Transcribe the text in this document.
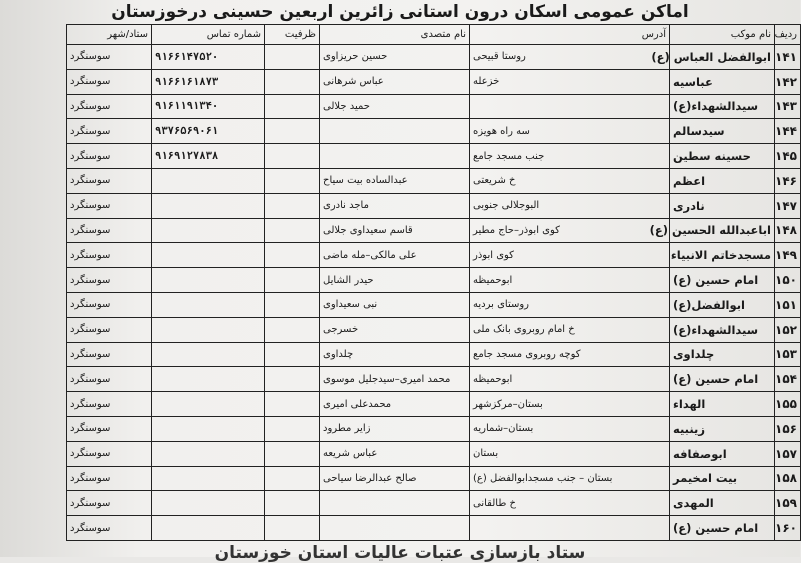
اماکن عمومی اسکان درون استانی زائرین اربعین حسینی درخوزستان
ردیف	نام موکب	آدرس	نام متصدی	ظرفیت	شماره تماس	ستاد/شهر
۱۴۱	ابوالفضل العباس (ع)	روستا قبیحی	حسین حریزاوی		۹۱۶۶۱۴۷۵۲۰	سوسنگرد
۱۴۲	عباسیه	خزعله	عباس شرهانی		۹۱۶۶۱۶۱۸۷۳	سوسنگرد
۱۴۳	سیدالشهداء(ع)		حمید جلالی		۹۱۶۱۱۹۱۳۴۰	سوسنگرد
۱۴۴	سیدسالم	سه راه هویزه			۹۳۷۶۵۶۹۰۶۱	سوسنگرد
۱۴۵	حسینه سطین	جنب مسجد جامع			۹۱۶۹۱۲۷۸۳۸	سوسنگرد
۱۴۶	اعظم	خ شریعتی	عبدالساده بیت سیاح			سوسنگرد
۱۴۷	نادری	البوجلالی جنوبی	ماجد نادری			سوسنگرد
۱۴۸	اباعبدالله الحسین (ع)	کوی ابوذر–حاج مطیر	قاسم سعیداوی جلالی			سوسنگرد
۱۴۹	مسجدخاتم الانبیاء	کوی ابوذر	علی مالکی–مله ماضی			سوسنگرد
۱۵۰	امام حسین (ع)	ابوحمیظه	حیدر الشایل			سوسنگرد
۱۵۱	ابوالفضل(ع)	روستای بردیه	نبی سعیداوی			سوسنگرد
۱۵۲	سیدالشهداء(ع)	خ امام روبروی بانک ملی	خسرجی			سوسنگرد
۱۵۳	چلداوی	کوچه روبروی مسجد جامع	چلداوی			سوسنگرد
۱۵۴	امام حسین (ع)	ابوحمیظه	محمد امیری–سیدجلیل موسوی			سوسنگرد
۱۵۵	الهداء	بستان–مرکزشهر	محمدعلی امیری			سوسنگرد
۱۵۶	زینبیه	بستان–شماریه	زایر مطرود			سوسنگرد
۱۵۷	ابوصفافه	بستان	عباس شریعه			سوسنگرد
۱۵۸	بیت امخیمر	بستان – جنب مسجدابوالفضل (ع)	صالح عبدالرضا سیاحی			سوسنگرد
۱۵۹	المهدی	خ طالقانی				سوسنگرد
۱۶۰	امام حسین (ع)					سوسنگرد
ستاد بازسازی عتبات عالیات استان خوزستان
